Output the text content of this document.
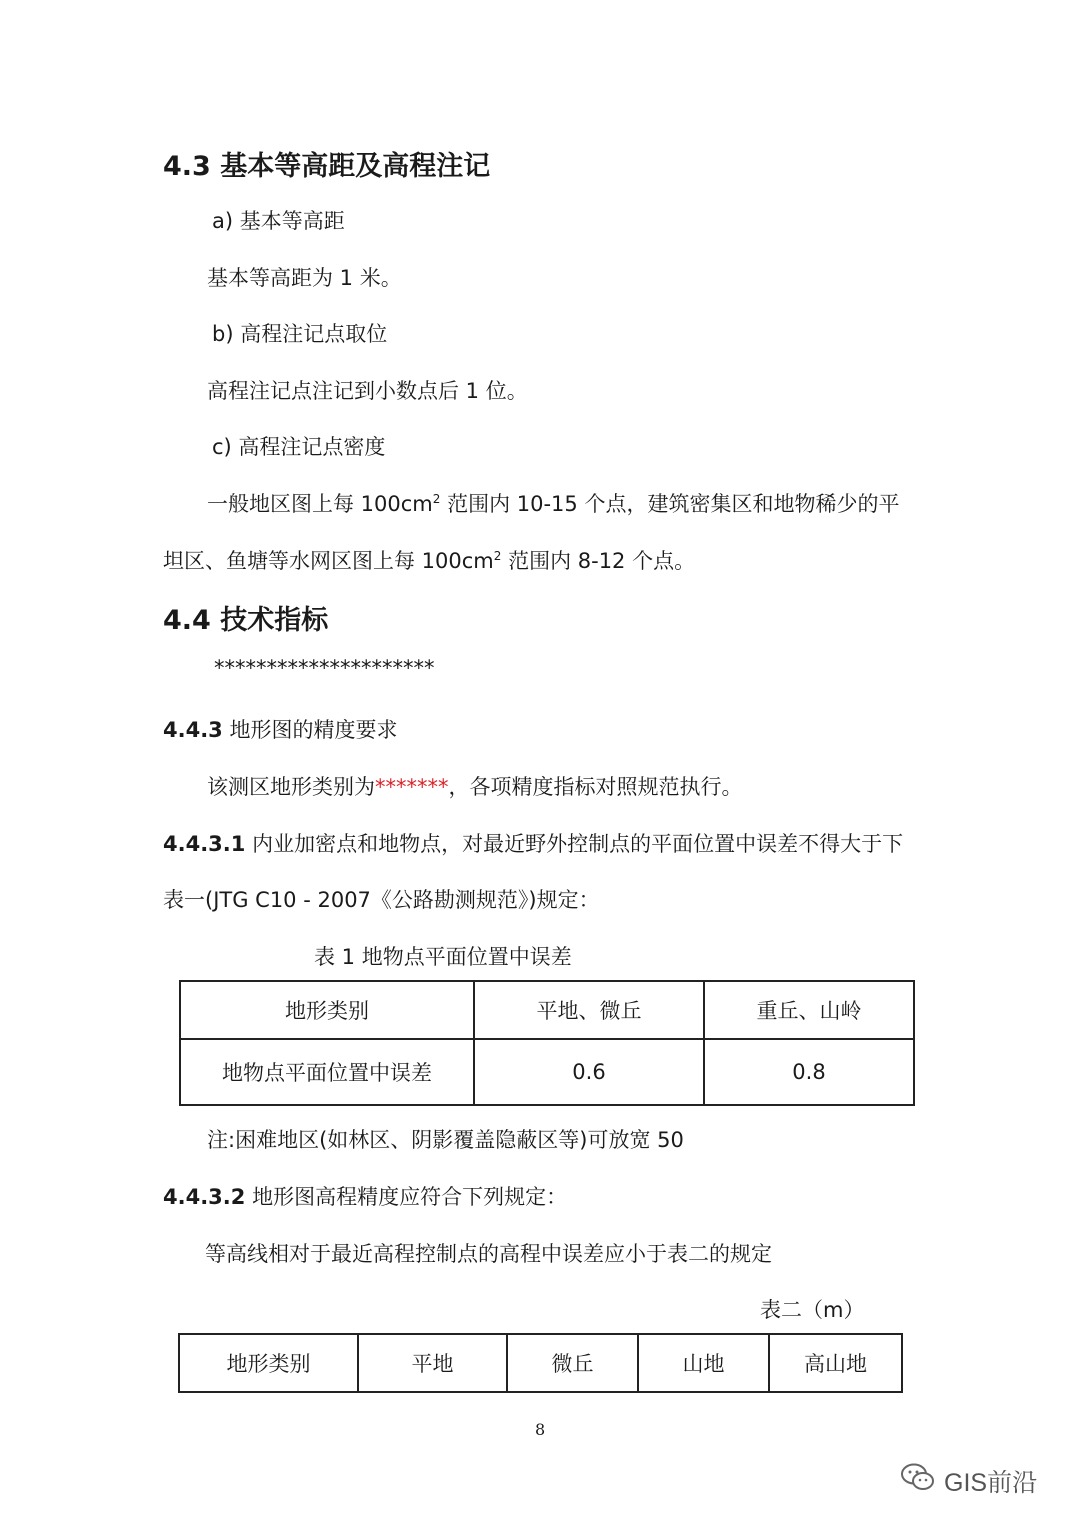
4.3 基本等高距及高程注记
a) 基本等高距
基本等高距为 1 米。
b) 高程注记点取位
高程注记点注记到小数点后 1 位。
c) 高程注记点密度
一般地区图上每 $100cm^2$ 范围内 10-15 个点，建筑密集区和地物稀少的平
坦区、鱼塘等水网区图上每 $100cm^2$ 范围内 8-12 个点。
4.4 技术指标
*********************
4.4.3 地形图的精度要求
该测区地形类别为*******，各项精度指标对照规范执行。
4.4.3.1 内业加密点和地物点，对最近野外控制点的平面位置中误差不得大于下
表一(JTG C10 - 2007《公路勘测规范》)规定：
表 1 地物点平面位置中误差
地形类别	平地、微丘	重丘、山岭
地物点平面位置中误差	0.6	0.8
注:困难地区(如林区、阴影覆盖隐蔽区等)可放宽 50
4.4.3.2 地形图高程精度应符合下列规定：
等高线相对于最近高程控制点的高程中误差应小于表二的规定
表二（m）
地形类别	平地	微丘	山地	高山地
8
GIS前沿
